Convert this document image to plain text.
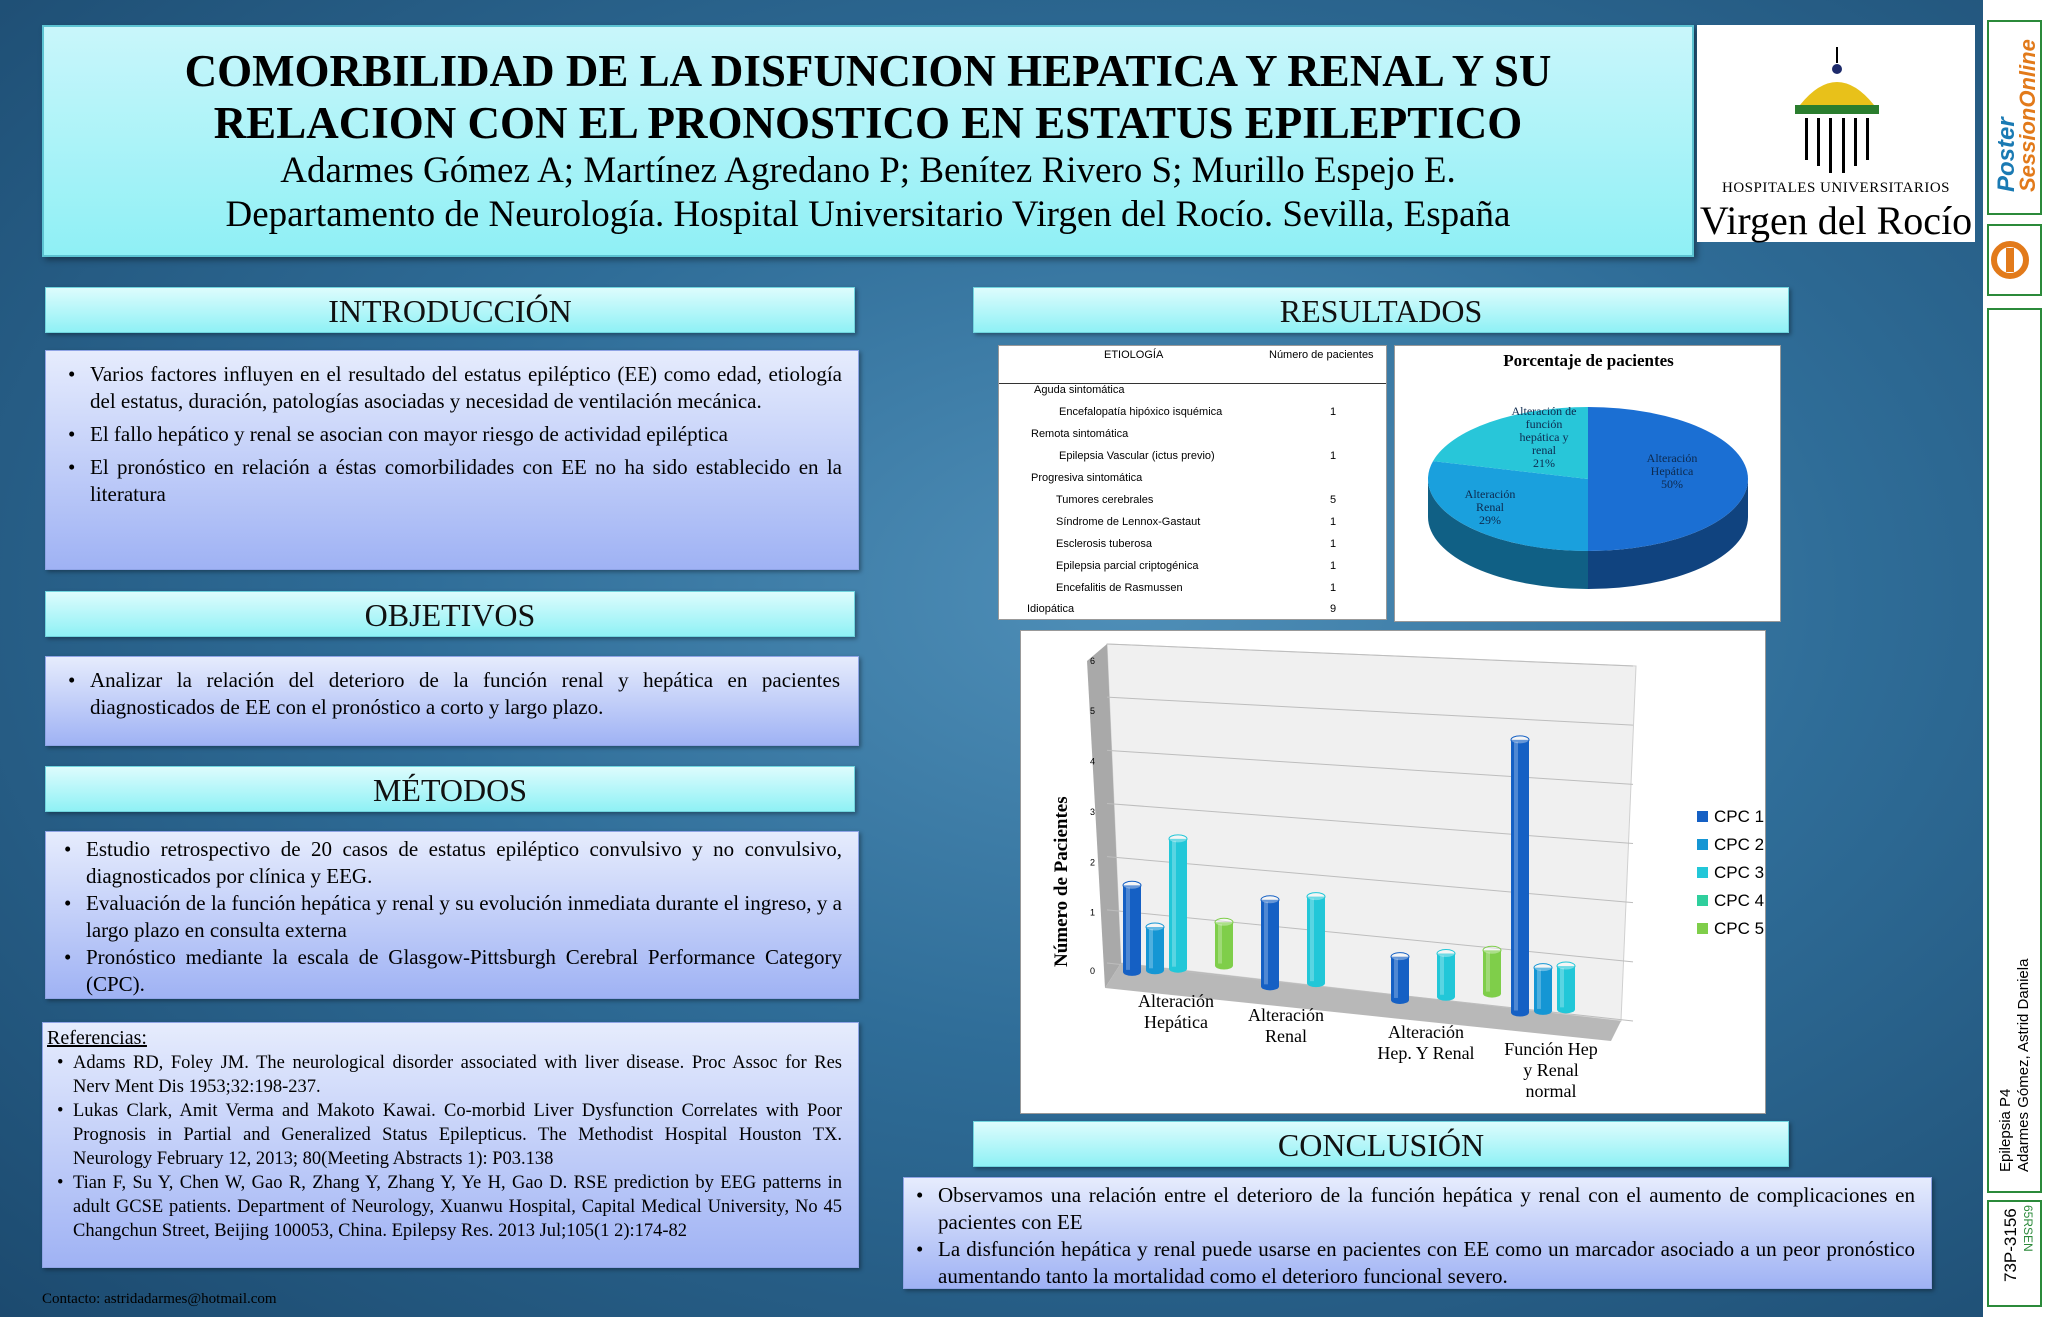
COMORBILIDAD DE LA DISFUNCION HEPATICA Y RENAL Y SU
RELACION CON EL PRONOSTICO EN ESTATUS EPILEPTICO
Adarmes Gómez A; Martínez Agredano P; Benítez Rivero S; Murillo Espejo E.
Departamento de Neurología. Hospital Universitario Virgen del Rocío. Sevilla, España
HOSPITALES UNIVERSITARIOS
Virgen del Rocío
INTRODUCCIÓN
• Varios factores influyen en el resultado del estatus epiléptico (EE) como edad, etiología del estatus, duración, patologías asociadas y necesidad de ventilación mecánica.
• El fallo hepático y renal se asocian con mayor riesgo de actividad epiléptica
• El pronóstico en relación a éstas comorbilidades con EE no ha sido establecido en la literatura
OBJETIVOS
• Analizar la relación del deterioro de la función renal y hepática en pacientes diagnosticados de EE con el pronóstico a corto y largo plazo.
MÉTODOS
• Estudio retrospectivo de 20 casos de estatus epiléptico convulsivo y no convulsivo, diagnosticados por clínica y EEG.
• Evaluación de la función hepática y renal y su evolución inmediata durante el ingreso, y a largo plazo en consulta externa
• Pronóstico mediante la escala de Glasgow-Pittsburgh Cerebral Performance Category (CPC).
Referencias:
• Adams RD, Foley JM. The neurological disorder associated with liver disease. Proc Assoc for Res Nerv Ment Dis 1953;32:198-237.
• Lukas Clark, Amit Verma and Makoto Kawai. Co-morbid Liver Dysfunction Correlates with Poor Prognosis in Partial and Generalized Status Epilepticus. The Methodist Hospital Houston TX. Neurology February 12, 2013; 80(Meeting Abstracts 1): P03.138
• Tian F, Su Y, Chen W, Gao R, Zhang Y, Zhang Y, Ye H, Gao D. RSE prediction by EEG patterns in adult GCSE patients. Department of Neurology, Xuanwu Hospital, Capital Medical University, No 45 Changchun Street, Beijing 100053, China. Epilepsy Res. 2013 Jul;105(1 2):174-82
Contacto: astridadarmes@hotmail.com
RESULTADOS
ETIOLOGÍA	Número de pacientes
Aguda sintomática
Encefalopatía hipóxico isquémica	1
Remota sintomática
Epilepsia Vascular (ictus previo)	1
Progresiva sintomática
Tumores cerebrales	5
Síndrome de Lennox-Gastaut	1
Esclerosis tuberosa	1
Epilepsia parcial criptogénica	1
Encefalitis de Rasmussen	1
Idiopática	9
Porcentaje de pacientes
Alteración
Hepática
50%
Alteración
Renal
29%
Alteración de
función
hepática y
renal
21%
0
1
2
3
4
5
6
Número de Pacientes
Alteración
Hepática	Alteración
Renal	Alteración
Hep. Y Renal	Función Hep
y Renal
normal
CPC 1
CPC 2
CPC 3
CPC 4
CPC 5
CONCLUSIÓN
• Observamos una relación entre el deterioro de la función hepática y renal con el aumento de complicaciones en pacientes con EE
• La disfunción hepática y renal puede usarse en pacientes con EE como un marcador asociado a un peor pronóstico aumentando tanto la mortalidad como el deterioro funcional severo.
Poster
SessionOnline
Epilepsia P4 Adarmes Gómez, Astrid Daniela
73P-3156 65RSEN
